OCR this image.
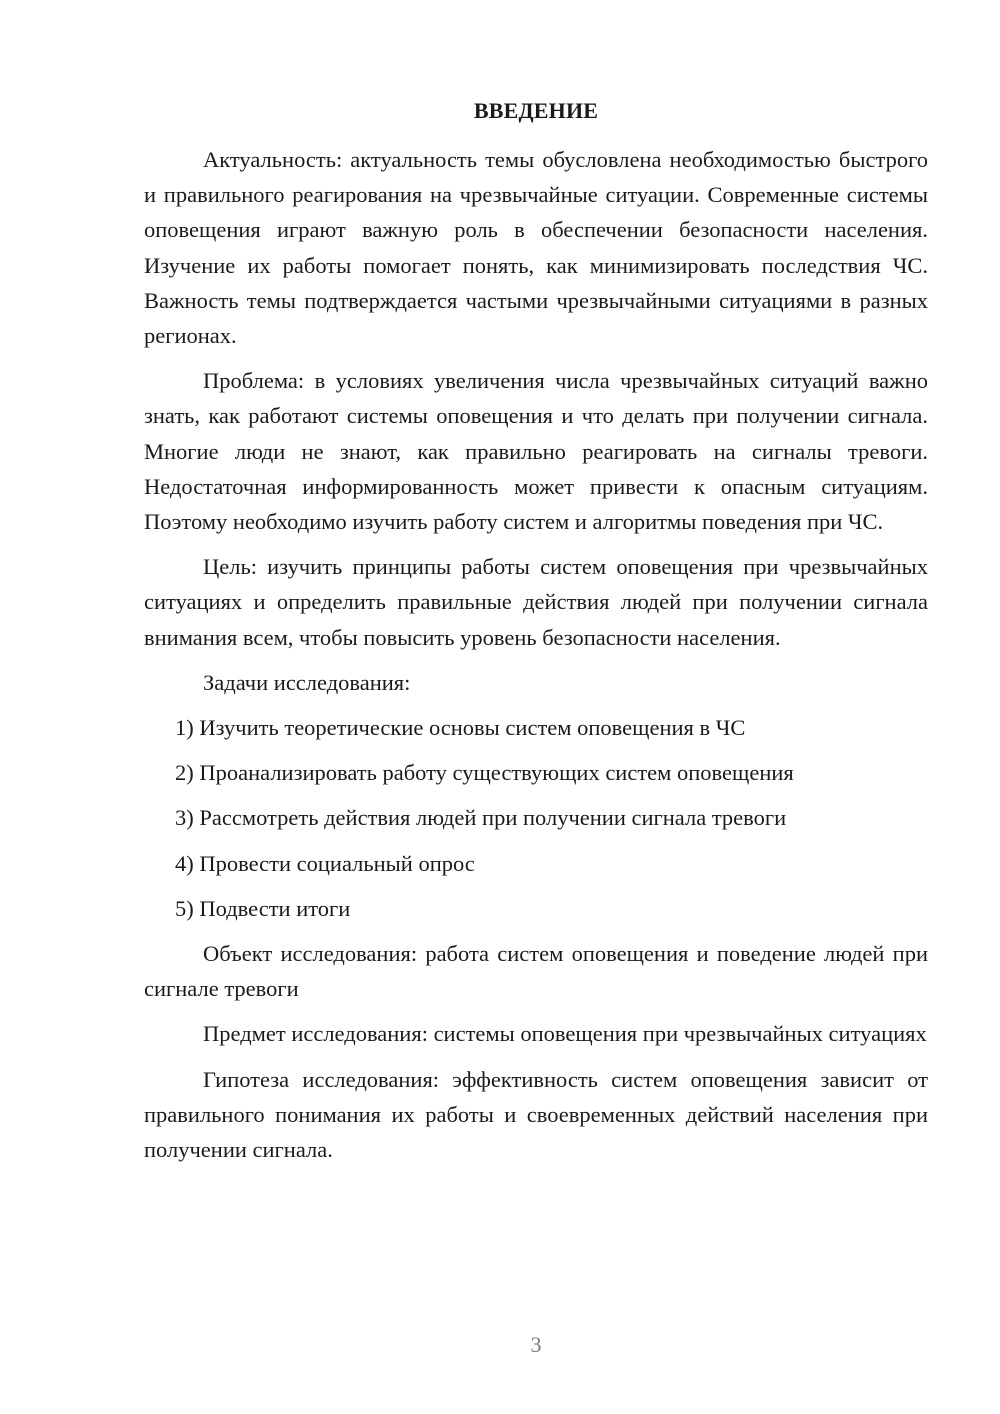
ВВЕДЕНИЕ

Актуальность: актуальность темы обусловлена необходимостью быстрого и правильного реагирования на чрезвычайные ситуации. Современные системы оповещения играют важную роль в обеспечении безопасности населения. Изучение их работы помогает понять, как минимизировать последствия ЧС. Важность темы подтверждается частыми чрезвычайными ситуациями в разных регионах.

Проблема: в условиях увеличения числа чрезвычайных ситуаций важно знать, как работают системы оповещения и что делать при получении сигнала. Многие люди не знают, как правильно реагировать на сигналы тревоги. Недостаточная информированность может привести к опасным ситуациям. Поэтому необходимо изучить работу систем и алгоритмы поведения при ЧС.

Цель: изучить принципы работы систем оповещения при чрезвычайных ситуациях и определить правильные действия людей при получении сигнала внимания всем, чтобы повысить уровень безопасности населения.

Задачи исследования:

1) Изучить теоретические основы систем оповещения в ЧС
2) Проанализировать работу существующих систем оповещения
3) Рассмотреть действия людей при получении сигнала тревоги
4) Провести социальный опрос
5) Подвести итоги

Объект исследования: работа систем оповещения и поведение людей при сигнале тревоги

Предмет исследования: системы оповещения при чрезвычайных ситуациях

Гипотеза исследования: эффективность систем оповещения зависит от правильного понимания их работы и своевременных действий населения при получении сигнала.

3
